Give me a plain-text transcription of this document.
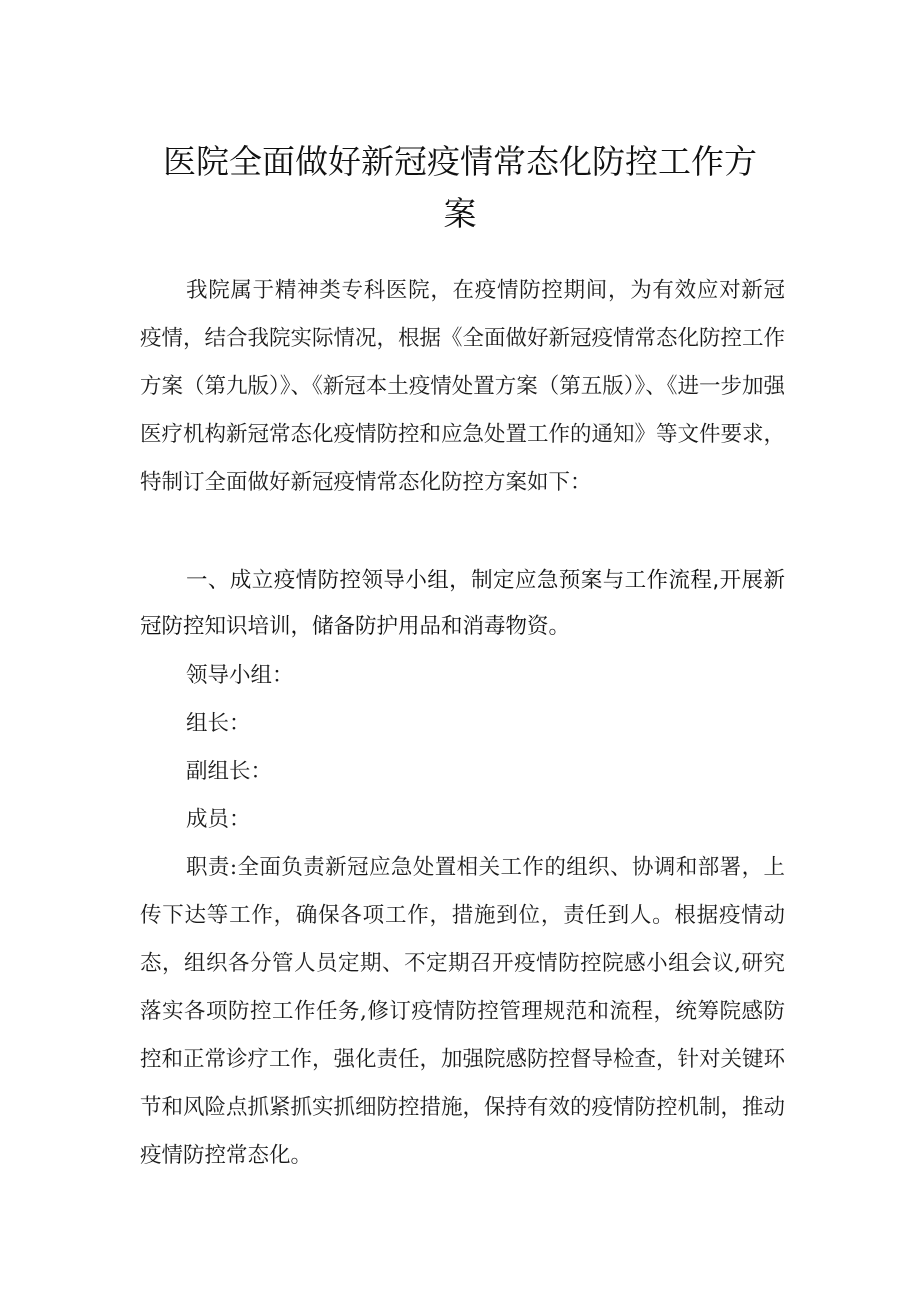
医院全面做好新冠疫情常态化防控工作方
案

我院属于精神类专科医院，在疫情防控期间，为有效应对新冠疫情，结合我院实际情况，根据《全面做好新冠疫情常态化防控工作方案（第九版）》、《新冠本土疫情处置方案（第五版）》、《进一步加强医疗机构新冠常态化疫情防控和应急处置工作的通知》等文件要求，特制订全面做好新冠疫情常态化防控方案如下：

一、成立疫情防控领导小组，制定应急预案与工作流程,开展新冠防控知识培训，储备防护用品和消毒物资。

领导小组：

组长：

副组长：

成员：

职责:全面负责新冠应急处置相关工作的组织、协调和部署，上传下达等工作，确保各项工作，措施到位，责任到人。根据疫情动态，组织各分管人员定期、不定期召开疫情防控院感小组会议,研究落实各项防控工作任务,修订疫情防控管理规范和流程，统筹院感防控和正常诊疗工作，强化责任，加强院感防控督导检查，针对关键环节和风险点抓紧抓实抓细防控措施，保持有效的疫情防控机制，推动疫情防控常态化。
